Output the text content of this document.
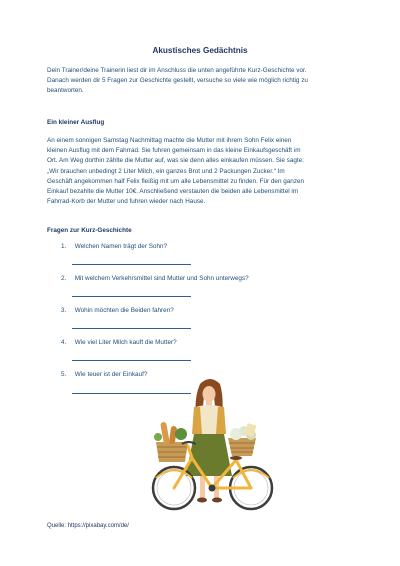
Akustisches Gedächtnis
Dein Trainer/deine Trainerin liest dir im Anschluss die unten angeführte Kurz-Geschichte vor.
Danach werden dir 5 Fragen zur Geschichte gestellt, versuche so viele wie möglich richtig zu
beantworten.
Ein kleiner Ausflug
An einem sonnigen Samstag Nachmittag machte die Mutter mit ihrem Sohn Felix einen
kleinen Ausflug mit dem Fahrrad. Sie fuhren gemeinsam in das kleine Einkaufsgeschäft im
Ort. Am Weg dorthin zählte die Mutter auf, was sie denn alles einkaufen müssen. Sie sagte:
„Wir brauchen unbedingt 2 Liter Milch, ein ganzes Brot und 2 Packungen Zucker.“ Im
Geschäft angekommen half Felix fleißig mit um alle Lebensmittel zu finden. Für den ganzen
Einkauf bezahlte die Mutter 10€. Anschließend verstauten die beiden alle Lebensmittel im
Fahrrad-Korb der Mutter und fuhren wieder nach Hause.
Fragen zur Kurz-Geschichte
1. Welchen Namen trägt der Sohn?
2. Mit welchem Verkehrsmittel sind Mutter und Sohn unterwegs?
3. Wohin möchten die Beiden fahren?
4. Wie viel Liter Milch kauft die Mutter?
5. Wie teuer ist der Einkauf?
Quelle: https://pixabay.com/de/
